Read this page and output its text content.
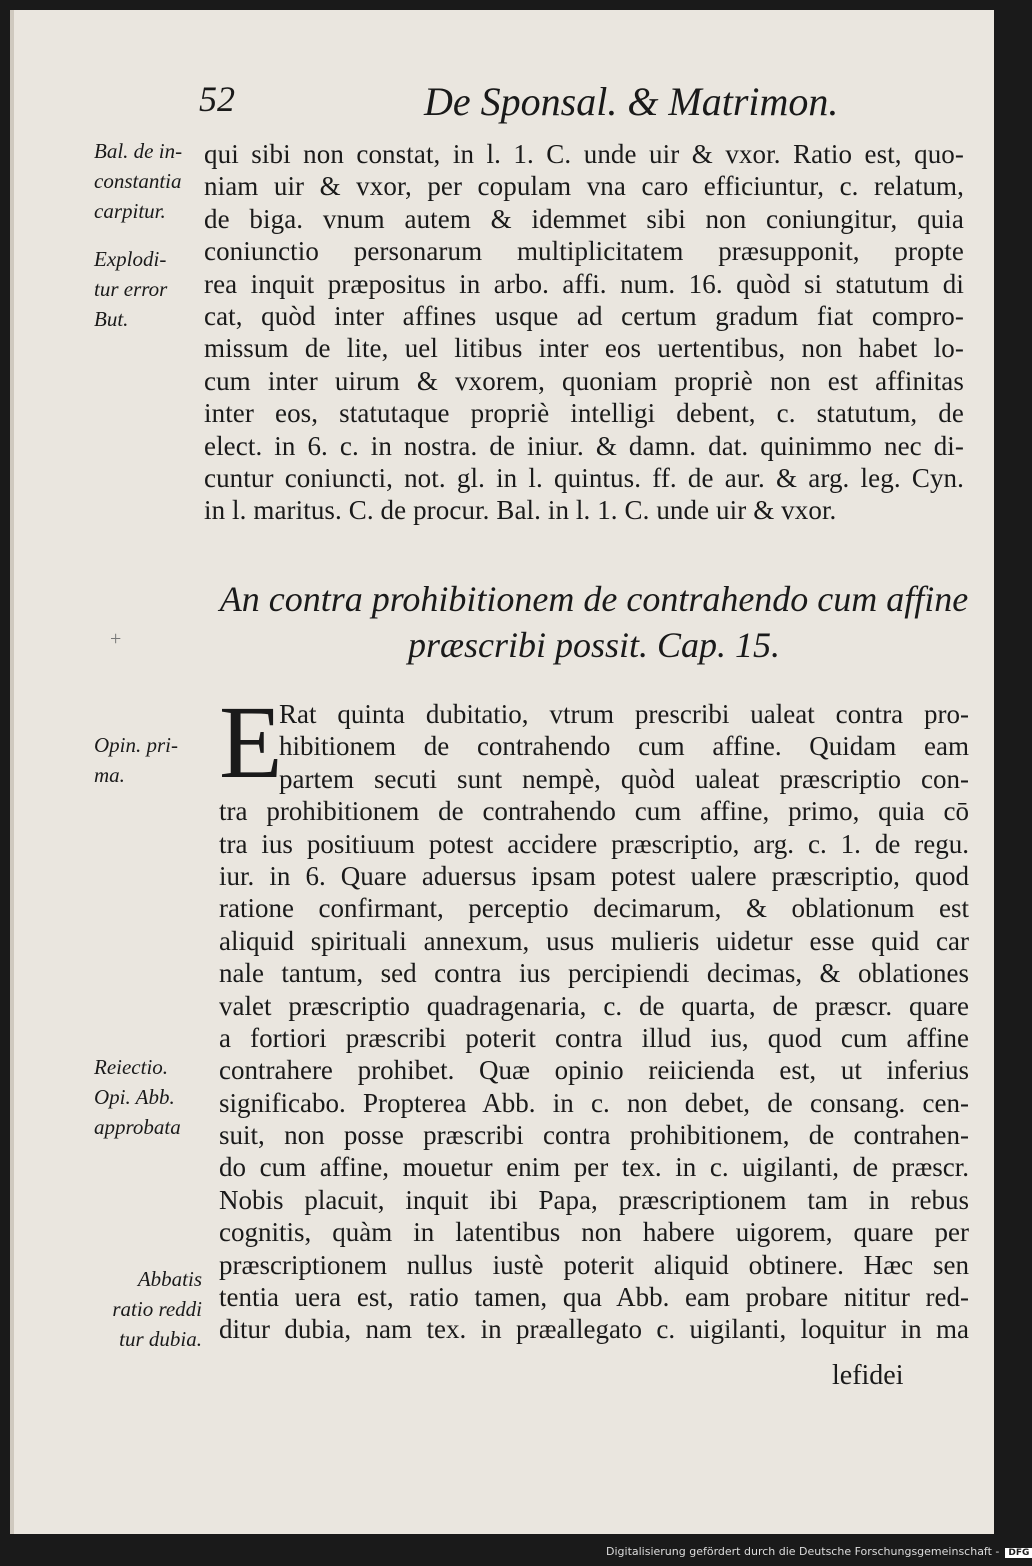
52	De Sponsal. & Matrimon.
Bal. de in-
constantia
carpitur.
Explodi-
tur error
But.
qui sibi non constat, in l. 1. C. unde uir & vxor. Ratio est, quo-
niam uir & vxor, per copulam vna caro efficiuntur, c. relatum,
de biga. vnum autem & idemmet sibi non coniungitur, quia
coniunctio personarum multiplicitatem præsupponit, propte
rea inquit præpositus in arbo. affi. num. 16. quòd si statutum di
cat, quòd inter affines usque ad certum gradum fiat compro-
missum de lite, uel litibus inter eos uertentibus, non habet lo-
cum inter uirum & vxorem, quoniam propriè non est affinitas
inter eos, statutaque propriè intelligi debent, c. statutum, de
elect. in 6. c. in nostra. de iniur. & damn. dat. quinimmo nec di-
cuntur coniuncti, not. gl. in l. quintus. ff. de aur. & arg. leg. Cyn.
in l. maritus. C. de procur. Bal. in l. 1. C. unde uir & vxor.
An contra prohibitionem de contrahendo cum affine
præscribi possit. Cap. 15.
+
Opin. pri-
ma. E
Rat quinta dubitatio, vtrum prescribi ualeat contra pro-
hibitionem de contrahendo cum affine. Quidam eam
partem secuti sunt nempè, quòd ualeat præscriptio con-
tra prohibitionem de contrahendo cum affine, primo, quia cō
tra ius positiuum potest accidere præscriptio, arg. c. 1. de regu.
iur. in 6. Quare aduersus ipsam potest ualere præscriptio, quod
ratione confirmant, perceptio decimarum, & oblationum est
aliquid spirituali annexum, usus mulieris uidetur esse quid car
nale tantum, sed contra ius percipiendi decimas, & oblationes
valet præscriptio quadragenaria, c. de quarta, de præscr. quare
a fortiori præscribi poterit contra illud ius, quod cum affine
contrahere prohibet. Quæ opinio reiicienda est, ut inferius
significabo. Propterea Abb. in c. non debet, de consang. cen-
suit, non posse præscribi contra prohibitionem, de contrahen-
do cum affine, mouetur enim per tex. in c. uigilanti, de præscr.
Nobis placuit, inquit ibi Papa, præscriptionem tam in rebus
cognitis, quàm in latentibus non habere uigorem, quare per
præscriptionem nullus iustè poterit aliquid obtinere. Hæc sen
tentia uera est, ratio tamen, qua Abb. eam probare nititur red-
ditur dubia, nam tex. in præallegato c. uigilanti, loquitur in ma
Reiectio.
Opi. Abb.
approbata
Abbatis
ratio reddi
tur dubia.
lefidei
Digitalisierung gefördert durch die Deutsche Forschungsgemeinschaft - DFG
